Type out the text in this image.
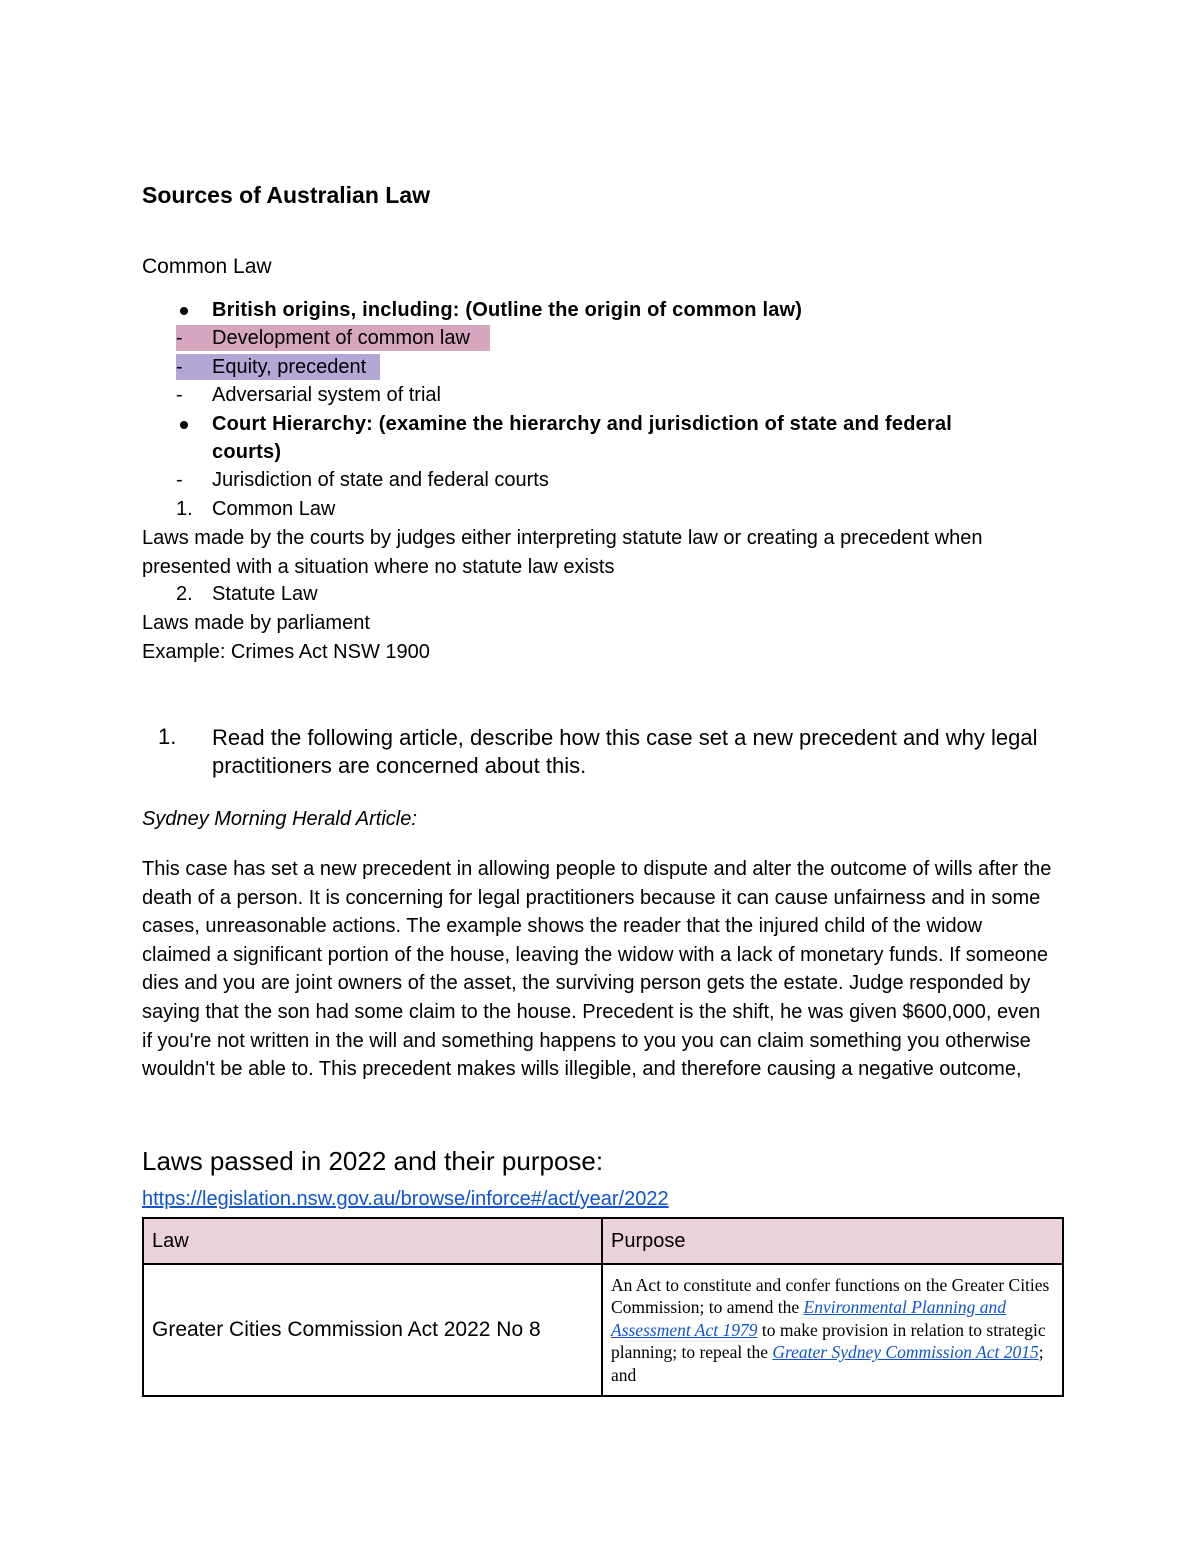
Sources of Australian Law
Common Law
British origins, including: (Outline the origin of common law)
-	Development of common law
-	Equity, precedent
-	Adversarial system of trial
Court Hierarchy: (examine the hierarchy and jurisdiction of state and federal
courts)
-	Jurisdiction of state and federal courts
1. Common Law
Laws made by the courts by judges either interpreting statute law or creating a precedent when presented with a situation where no statute law exists
2. Statute Law
Laws made by parliament
Example: Crimes Act NSW 1900
1. Read the following article, describe how this case set a new precedent and why legal practitioners are concerned about this.
Sydney Morning Herald Article:
This case has set a new precedent in allowing people to dispute and alter the outcome of wills after the death of a person. It is concerning for legal practitioners because it can cause unfairness and in some cases, unreasonable actions. The example shows the reader that the injured child of the widow claimed a significant portion of the house, leaving the widow with a lack of monetary funds. If someone dies and you are joint owners of the asset, the surviving person gets the estate. Judge responded by saying that the son had some claim to the house. Precedent is the shift, he was given $600,000, even if you're not written in the will and something happens to you you can claim something you otherwise wouldn't be able to. This precedent makes wills illegible, and therefore causing a negative outcome,
Laws passed in 2022 and their purpose:
https://legislation.nsw.gov.au/browse/inforce#/act/year/2022
Law	Purpose
Greater Cities Commission Act 2022 No 8	An Act to constitute and confer functions on the Greater Cities Commission; to amend the Environmental Planning and Assessment Act 1979 to make provision in relation to strategic planning; to repeal the Greater Sydney Commission Act 2015; and
